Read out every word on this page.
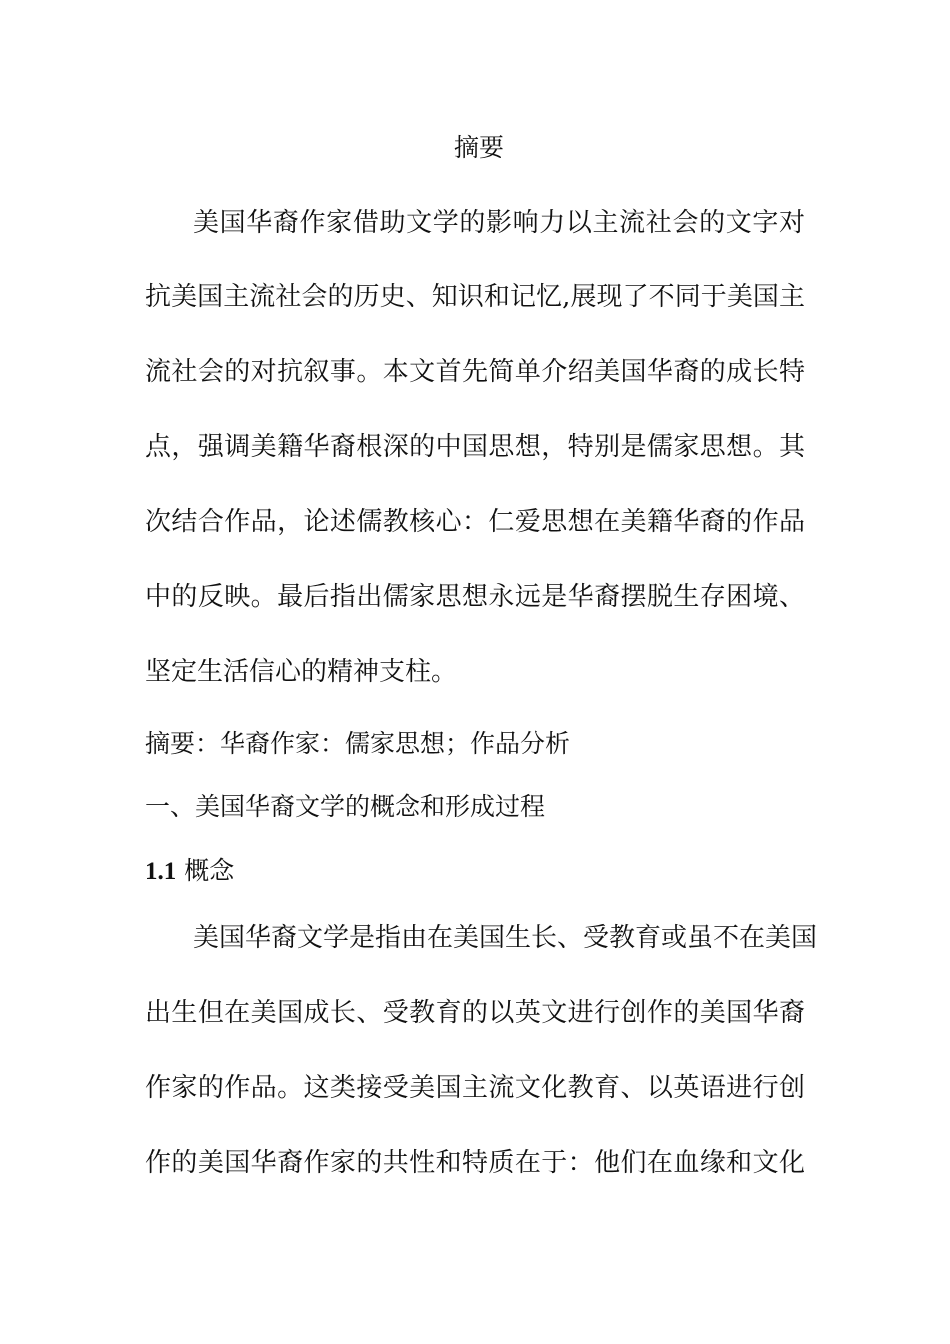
摘要
美国华裔作家借助文学的影响力以主流社会的文字对
抗美国主流社会的历史、知识和记忆,展现了不同于美国主
流社会的对抗叙事。本文首先简单介绍美国华裔的成长特
点，强调美籍华裔根深的中国思想，特别是儒家思想。其
次结合作品，论述儒教核心：仁爱思想在美籍华裔的作品
中的反映。最后指出儒家思想永远是华裔摆脱生存困境、
坚定生活信心的精神支柱。
摘要：华裔作家：儒家思想；作品分析
一、美国华裔文学的概念和形成过程
1.1 概念
美国华裔文学是指由在美国生长、受教育或虽不在美国
出生但在美国成长、受教育的以英文进行创作的美国华裔
作家的作品。这类接受美国主流文化教育、以英语进行创
作的美国华裔作家的共性和特质在于：他们在血缘和文化
